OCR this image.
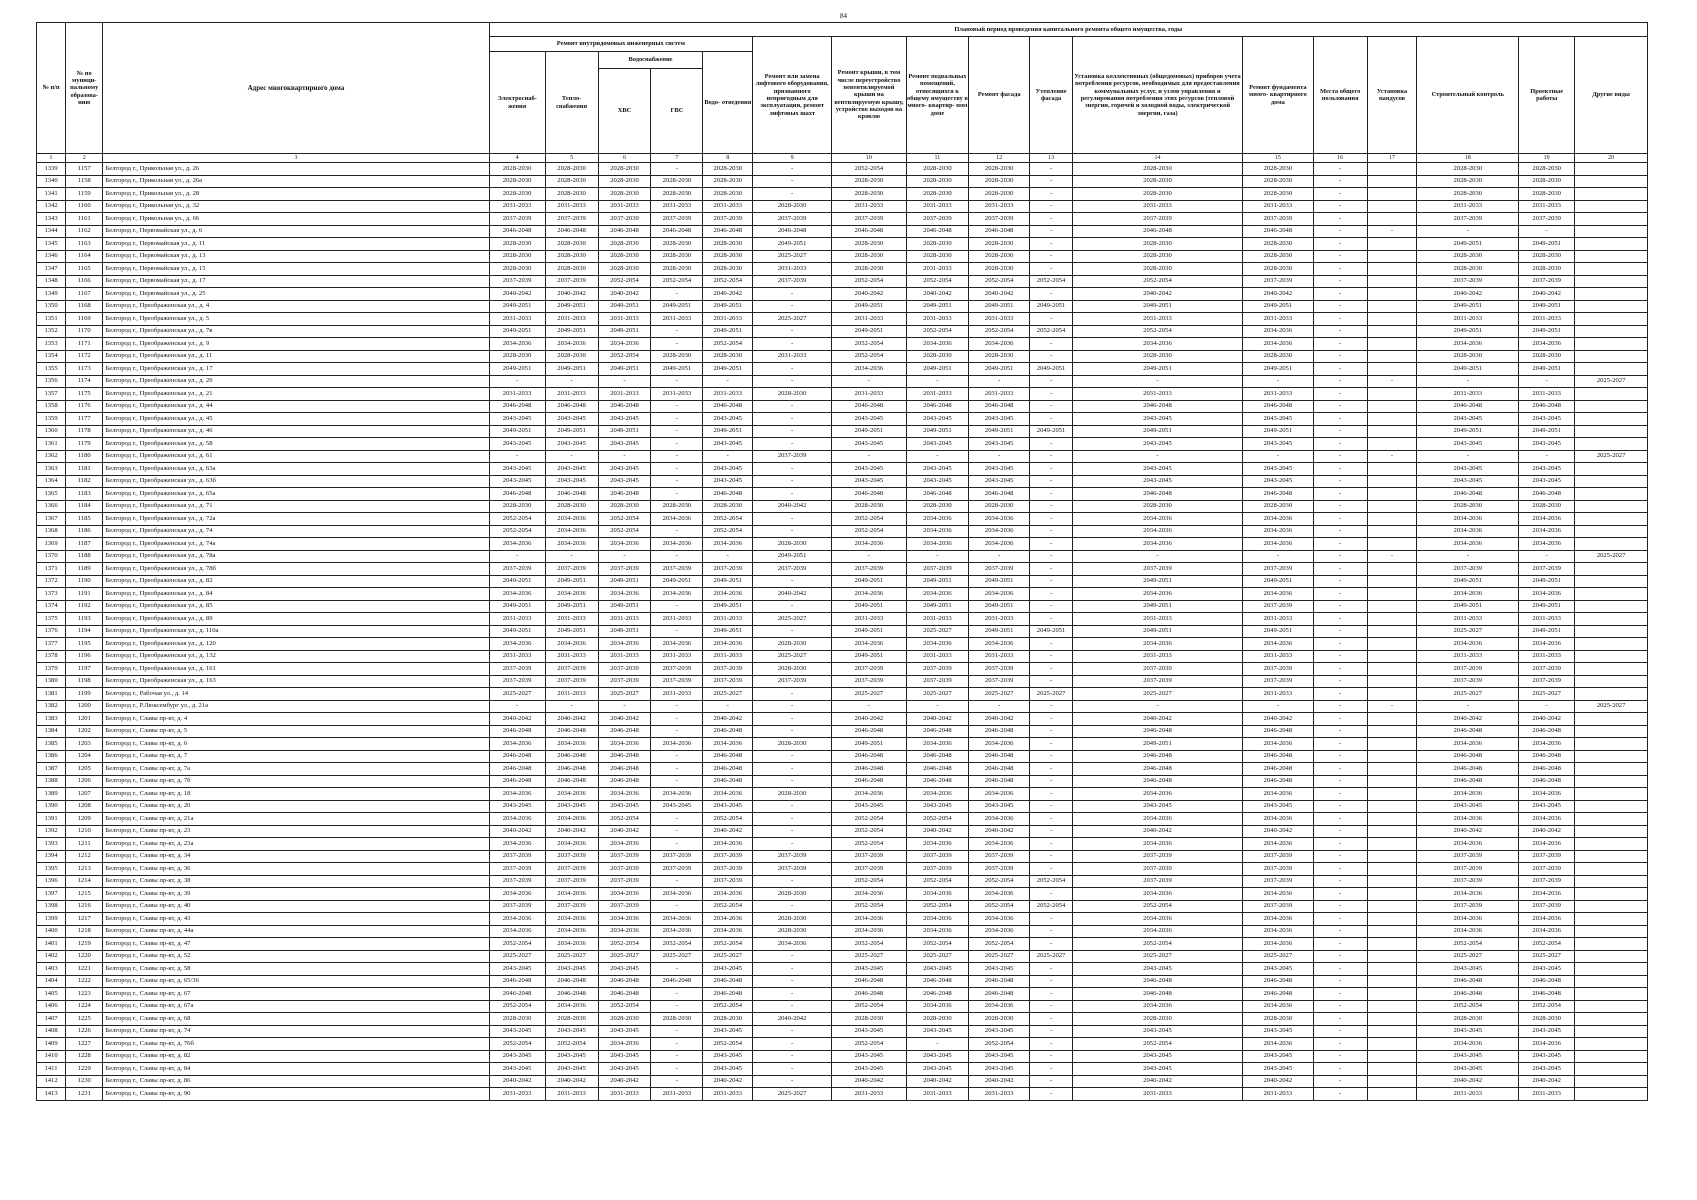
84
№ п/п	№ по муници- пальному образова- нию	Адрес многоквартирного дома	Плановый период проведения капитального ремонта общего имущества, годы																
			Ремонт внутридомовых инженерных систем					Ремонт или замена лифтового оборудования, признанного непригодным для эксплуатации, ремонт лифтовых шахт	Ремонт крыши, в том числе переустройство невентилируемой крыши на вентилируемую крышу, устройство выходов на кровлю	Ремонт подвальных помещений, относящихся к общему имуществу в много- квартир- ном доме	Ремонт фасада	Утепление фасада	Установка коллективных (общедомовых) приборов учета потребления ресурсов, необходимых для предоставления коммунальных услуг, и узлов управления и регулирования потребления этих ресурсов (тепловой энергии, горячей и холодной воды, электрической энергии, газа)	Ремонт фундамента много- квартирного дома	Места общего пользования	Установка пандусов	Строительный контроль	Проектные работы	Другие виды
			Электроснаб- жения	Тепло- снабжения	Водоснабжение		Водо- отведения												
					ХВС	ГВС													
1	2	3	4	5	6	7	8	9	10	11	12	13	14	15	16	17	18	19	20
1339	1157	Белгород г., Прикольная ул., д. 26	2028-2030	2028-2030	2028-2030	-	2028-2030	-	2052-2054	2028-2030	2028-2030	-	2028-2030	2028-2030	-		2028-2030	2028-2030	
1340	1158	Белгород г., Прикольная ул., д. 26а	2028-2030	2028-2030	2028-2030	2028-2030	2028-2030	-	2028-2030	2028-2030	2028-2030	-	2028-2030	2028-2030	-		2028-2030	2028-2030	
1341	1159	Белгород г., Прикольная ул., д. 28	2028-2030	2028-2030	2028-2030	2028-2030	2028-2030	-	2028-2030	2028-2030	2028-2030	-	2028-2030	2028-2030	-		2028-2030	2028-2030	
1342	1160	Белгород г., Прикольная ул., д. 32	2031-2033	2031-2033	2031-2033	2031-2033	2031-2033	2028-2030	2031-2033	2031-2033	2031-2033	-	2031-2033	2031-2033	-		2031-2033	2031-2033	
1343	1161	Белгород г., Прикольная ул., д. 66	2037-2039	2037-2039	2037-2039	2037-2039	2037-2039	2037-2039	2037-2039	2037-2039	2037-2039	-	2037-2039	2037-2039	-		2037-2039	2037-2039	
1344	1162	Белгород г., Первомайская ул., д. 6	2046-2048	2046-2048	2046-2048	2046-2048	2046-2048	2046-2048	2046-2048	2046-2048	2046-2048	-	2046-2048	2046-2048	-	-	-	-	
1345	1163	Белгород г., Первомайская ул., д. 11	2028-2030	2028-2030	2028-2030	2028-2030	2028-2030	2049-2051	2028-2030	2028-2030	2028-2030	-	2028-2030	2028-2030	-		2049-2051	2049-2051	
1346	1164	Белгород г., Первомайская ул., д. 13	2028-2030	2028-2030	2028-2030	2028-2030	2028-2030	2025-2027	2028-2030	2028-2030	2028-2030	-	2028-2030	2028-2030	-		2028-2030	2028-2030	
1347	1165	Белгород г., Первомайская ул., д. 15	2028-2030	2028-2030	2028-2030	2028-2030	2028-2030	2031-2033	2028-2030	2031-2033	2028-2030	-	2028-2030	2028-2030	-		2028-2030	2028-2030	
1348	1166	Белгород г., Первомайская ул., д. 17	2037-2039	2037-2039	2052-2054	2052-2054	2052-2054	2037-2039	2052-2054	2052-2054	2052-2054	2052-2054	2052-2054	2037-2039	-		2037-2039	2037-2039	
1349	1167	Белгород г., Первомайская ул., д. 25	2040-2042	2040-2042	2040-2042	-	2040-2042	-	2040-2042	2040-2042	2040-2042	-	2040-2042	2040-2042	-		2040-2042	2040-2042	
1350	1168	Белгород г., Преображенская ул., д. 4	2049-2051	2049-2051	2049-2051	2049-2051	2049-2051	-	2049-2051	2049-2051	2049-2051	2049-2051	2049-2051	2049-2051	-		2049-2051	2049-2051	
1351	1169	Белгород г., Преображенская ул., д. 5	2031-2033	2031-2033	2031-2033	2031-2033	2031-2033	2025-2027	2031-2033	2031-2033	2031-2033	-	2031-2033	2031-2033	-		2031-2033	2031-2033	
1352	1170	Белгород г., Преображенская ул., д. 7в	2049-2051	2049-2051	2049-2051	-	2049-2051	-	2049-2051	2052-2054	2052-2054	2052-2054	2052-2054	2034-2036	-		2049-2051	2049-2051	
1353	1171	Белгород г., Преображенская ул., д. 9	2034-2036	2034-2036	2034-2036	-	2052-2054	-	2052-2054	2034-2036	2034-2036	-	2034-2036	2034-2036	-		2034-2036	2034-2036	
1354	1172	Белгород г., Преображенская ул., д. 11	2028-2030	2028-2030	2052-2054	2028-2030	2028-2030	2031-2033	2052-2054	2028-2030	2028-2030	-	2028-2030	2028-2030	-		2028-2030	2028-2030	
1355	1173	Белгород г., Преображенская ул., д. 17	2049-2051	2049-2051	2049-2051	2049-2051	2049-2051	-	2034-2036	2049-2051	2049-2051	2049-2051	2049-2051	2049-2051	-		2049-2051	2049-2051	
1356	1174	Белгород г., Преображенская ул., д. 20	-	-	-	-	-	-	-	-	-	-	-	-	-	-	-	-	2025-2027
1357	1175	Белгород г., Преображенская ул., д. 21	2031-2033	2031-2033	2031-2033	2031-2033	2031-2033	2028-2030	2031-2033	2031-2033	2031-2033	-	2031-2033	2031-2033	-		2031-2033	2031-2033	
1358	1176	Белгород г., Преображенская ул., д. 44	2046-2048	2046-2048	2046-2048	-	2046-2048	-	2046-2048	2046-2048	2046-2048	-	2046-2048	2046-2048	-		2046-2048	2046-2048	
1359	1177	Белгород г., Преображенская ул., д. 45	2043-2045	2043-2045	2043-2045	-	2043-2045	-	2043-2045	2043-2045	2043-2045	-	2043-2045	2043-2045	-		2043-2045	2043-2045	
1360	1178	Белгород г., Преображенская ул., д. 46	2049-2051	2049-2051	2049-2051	-	2049-2051	-	2049-2051	2049-2051	2049-2051	2049-2051	2049-2051	2049-2051	-		2049-2051	2049-2051	
1361	1179	Белгород г., Преображенская ул., д. 58	2043-2045	2043-2045	2043-2045	-	2043-2045	-	2043-2045	2043-2045	2043-2045	-	2043-2045	2043-2045	-		2043-2045	2043-2045	
1362	1180	Белгород г., Преображенская ул., д. 61	-	-	-	-	-	2037-2039	-	-	-	-	-	-	-	-	-	-	2025-2027
1363	1181	Белгород г., Преображенская ул., д. 63а	2043-2045	2043-2045	2043-2045	-	2043-2045	-	2043-2045	2043-2045	2043-2045	-	2043-2045	2043-2045	-		2043-2045	2043-2045	
1364	1182	Белгород г., Преображенская ул., д. 63б	2043-2045	2043-2045	2043-2045	-	2043-2045	-	2043-2045	2043-2045	2043-2045	-	2043-2045	2043-2045	-		2043-2045	2043-2045	
1365	1183	Белгород г., Преображенская ул., д. 65а	2046-2048	2046-2048	2046-2048	-	2046-2048	-	2046-2048	2046-2048	2046-2048	-	2046-2048	2046-2048	-		2046-2048	2046-2048	
1366	1184	Белгород г., Преображенская ул., д. 71	2028-2030	2028-2030	2028-2030	2028-2030	2028-2030	2040-2042	2028-2030	2028-2030	2028-2030	-	2028-2030	2028-2030	-		2028-2030	2028-2030	
1367	1185	Белгород г., Преображенская ул., д. 72а	2052-2054	2034-2036	2052-2054	2034-2036	2052-2054	-	2052-2054	2034-2036	2034-2036	-	2034-2036	2034-2036	-		2034-2036	2034-2036	
1368	1186	Белгород г., Преображенская ул., д. 74	2052-2054	2034-2036	2052-2054	-	2052-2054	-	2052-2054	2034-2036	2034-2036	-	2034-2036	2034-2036	-		2034-2036	2034-2036	
1369	1187	Белгород г., Преображенская ул., д. 74а	2034-2036	2034-2036	2034-2036	2034-2036	2034-2036	2028-2030	2034-2036	2034-2036	2034-2036	-	2034-2036	2034-2036	-		2034-2036	2034-2036	
1370	1188	Белгород г., Преображенская ул., д. 78а	-	-	-	-	-	2049-2051	-	-	-	-	-	-	-	-	-	-	2025-2027
1371	1189	Белгород г., Преображенская ул., д. 78б	2037-2039	2037-2039	2037-2039	2037-2039	2037-2039	2037-2039	2037-2039	2037-2039	2037-2039	-	2037-2039	2037-2039	-		2037-2039	2037-2039	
1372	1190	Белгород г., Преображенская ул., д. 82	2049-2051	2049-2051	2049-2051	2049-2051	2049-2051	-	2049-2051	2049-2051	2049-2051	-	2049-2051	2049-2051	-		2049-2051	2049-2051	
1373	1191	Белгород г., Преображенская ул., д. 84	2034-2036	2034-2036	2034-2036	2034-2036	2034-2036	2040-2042	2034-2036	2034-2036	2034-2036	-	2034-2036	2034-2036	-		2034-2036	2034-2036	
1374	1192	Белгород г., Преображенская ул., д. 85	2049-2051	2049-2051	2049-2051	-	2049-2051	-	2049-2051	2049-2051	2049-2051	-	2049-2051	2037-2039	-		2049-2051	2049-2051	
1375	1193	Белгород г., Преображенская ул., д. 89	2031-2033	2031-2033	2031-2033	2031-2033	2031-2033	2025-2027	2031-2033	2031-2033	2031-2033	-	2031-2033	2031-2033	-		2031-2033	2031-2033	
1376	1194	Белгород г., Преображенская ул., д. 110а	2049-2051	2049-2051	2049-2051	-	2049-2051	-	2049-2051	2025-2027	2049-2051	2049-2051	2049-2051	2049-2051	-		2025-2027	2049-2051	
1377	1195	Белгород г., Преображенская ул., д. 120	2034-2036	2034-2036	2034-2036	2034-2036	2034-2036	2028-2030	2034-2036	2034-2036	2034-2036	-	2034-2036	2034-2036	-		2034-2036	2034-2036	
1378	1196	Белгород г., Преображенская ул., д. 132	2031-2033	2031-2033	2031-2033	2031-2033	2031-2033	2025-2027	2049-2051	2031-2033	2031-2033	-	2031-2033	2031-2033	-		2031-2033	2031-2033	
1379	1197	Белгород г., Преображенская ул., д. 161	2037-2039	2037-2039	2037-2039	2037-2039	2037-2039	2028-2030	2037-2039	2037-2039	2037-2039	-	2037-2039	2037-2039	-		2037-2039	2037-2039	
1380	1198	Белгород г., Преображенская ул., д. 163	2037-2039	2037-2039	2037-2039	2037-2039	2037-2039	2037-2039	2037-2039	2037-2039	2037-2039	-	2037-2039	2037-2039	-		2037-2039	2037-2039	
1381	1199	Белгород г., Рабочая ул., д. 14	2025-2027	2031-2033	2025-2027	2031-2033	2025-2027	-	2025-2027	2025-2027	2025-2027	2025-2027	2025-2027	2031-2033	-		2025-2027	2025-2027	
1382	1200	Белгород г., Р.Люксембург ул., д. 21а	-	-	-	-	-	-	-	-	-	-	-	-	-	-	-	-	2025-2027
1383	1201	Белгород г., Славы пр-кт, д. 4	2040-2042	2040-2042	2040-2042	-	2040-2042	-	2040-2042	2040-2042	2040-2042	-	2040-2042	2040-2042	-		2040-2042	2040-2042	
1384	1202	Белгород г., Славы пр-кт, д. 5	2046-2048	2046-2048	2046-2048	-	2046-2048	-	2046-2048	2046-2048	2046-2048	-	2046-2048	2046-2048	-		2046-2048	2046-2048	
1385	1203	Белгород г., Славы пр-кт, д. 6	2034-2036	2034-2036	2034-2036	2034-2036	2034-2036	2028-2030	2049-2051	2034-2036	2034-2036	-	2049-2051	2034-2036	-		2034-2036	2034-2036	
1386	1204	Белгород г., Славы пр-кт, д. 7	2046-2048	2046-2048	2046-2048	-	2046-2048	-	2046-2048	2046-2048	2046-2048	-	2046-2048	2046-2048	-		2046-2048	2046-2048	
1387	1205	Белгород г., Славы пр-кт, д. 7а	2046-2048	2046-2048	2046-2048	-	2046-2048	-	2046-2048	2046-2048	2046-2048	-	2046-2048	2046-2048	-		2046-2048	2046-2048	
1388	1206	Белгород г., Славы пр-кт, д. 7б	2046-2048	2046-2048	2046-2048	-	2046-2048	-	2046-2048	2046-2048	2046-2048	-	2046-2048	2046-2048	-		2046-2048	2046-2048	
1389	1207	Белгород г., Славы пр-кт, д. 18	2034-2036	2034-2036	2034-2036	2034-2036	2034-2036	2028-2030	2034-2036	2034-2036	2034-2036	-	2034-2036	2034-2036	-		2034-2036	2034-2036	
1390	1208	Белгород г., Славы пр-кт, д. 20	2043-2045	2043-2045	2043-2045	2043-2045	2043-2045	-	2043-2045	2043-2045	2043-2045	-	2043-2045	2043-2045	-		2043-2045	2043-2045	
1391	1209	Белгород г., Славы пр-кт, д. 21а	2034-2036	2034-2036	2052-2054	-	2052-2054	-	2052-2054	2052-2054	2034-2036	-	2034-2036	2034-2036	-		2034-2036	2034-2036	
1392	1210	Белгород г., Славы пр-кт, д. 23	2040-2042	2040-2042	2040-2042	-	2040-2042	-	2052-2054	2040-2042	2040-2042	-	2040-2042	2040-2042	-		2040-2042	2040-2042	
1393	1211	Белгород г., Славы пр-кт, д. 23а	2034-2036	2034-2036	2034-2036	-	2034-2036	-	2052-2054	2034-2036	2034-2036	-	2034-2036	2034-2036	-		2034-2036	2034-2036	
1394	1212	Белгород г., Славы пр-кт, д. 34	2037-2039	2037-2039	2037-2039	2037-2039	2037-2039	2037-2039	2037-2039	2037-2039	2037-2039	-	2037-2039	2037-2039	-		2037-2039	2037-2039	
1395	1213	Белгород г., Славы пр-кт, д. 36	2037-2039	2037-2039	2037-2039	2037-2039	2037-2039	2037-2039	2037-2039	2037-2039	2037-2039	-	2037-2039	2037-2039	-		2037-2039	2037-2039	
1396	1214	Белгород г., Славы пр-кт, д. 38	2037-2039	2037-2039	2037-2039	-	2037-2039	-	2052-2054	2052-2054	2052-2054	2052-2054	2037-2039	2037-2039	-		2037-2039	2037-2039	
1397	1215	Белгород г., Славы пр-кт, д. 39	2034-2036	2034-2036	2034-2036	2034-2036	2034-2036	2028-2030	2034-2036	2034-2036	2034-2036	-	2034-2036	2034-2036	-		2034-2036	2034-2036	
1398	1216	Белгород г., Славы пр-кт, д. 40	2037-2039	2037-2039	2037-2039	-	2052-2054	-	2052-2054	2052-2054	2052-2054	2052-2054	2052-2054	2037-2039	-		2037-2039	2037-2039	
1399	1217	Белгород г., Славы пр-кт, д. 43	2034-2036	2034-2036	2034-2036	2034-2036	2034-2036	2028-2030	2034-2036	2034-2036	2034-2036	-	2034-2036	2034-2036	-		2034-2036	2034-2036	
1400	1218	Белгород г., Славы пр-кт, д. 44а	2034-2036	2034-2036	2034-2036	2034-2036	2034-2036	2028-2030	2034-2036	2034-2036	2034-2036	-	2034-2036	2034-2036	-		2034-2036	2034-2036	
1401	1219	Белгород г., Славы пр-кт, д. 47	2052-2054	2034-2036	2052-2054	2052-2054	2052-2054	2034-2036	2052-2054	2052-2054	2052-2054	-	2052-2054	2034-2036	-		2052-2054	2052-2054	
1402	1220	Белгород г., Славы пр-кт, д. 52	2025-2027	2025-2027	2025-2027	2025-2027	2025-2027	-	2025-2027	2025-2027	2025-2027	2025-2027	2025-2027	2025-2027	-		2025-2027	2025-2027	
1403	1221	Белгород г., Славы пр-кт, д. 58	2043-2045	2043-2045	2043-2045	-	2043-2045	-	2043-2045	2043-2045	2043-2045	-	2043-2045	2043-2045	-		2043-2045	2043-2045	
1404	1222	Белгород г., Славы пр-кт, д. 65/36	2046-2048	2046-2048	2046-2048	2046-2048	2046-2048	-	2046-2048	2046-2048	2046-2048	-	2046-2048	2046-2048	-		2046-2048	2046-2048	
1405	1223	Белгород г., Славы пр-кт, д. 67	2046-2048	2046-2048	2046-2048	-	2046-2048	-	2046-2048	2046-2048	2046-2048	-	2046-2048	2046-2048	-		2046-2048	2046-2048	
1406	1224	Белгород г., Славы пр-кт, д. 67а	2052-2054	2034-2036	2052-2054	-	2052-2054	-	2052-2054	2034-2036	2034-2036	-	2034-2036	2034-2036	-		2052-2054	2052-2054	
1407	1225	Белгород г., Славы пр-кт, д. 68	2028-2030	2028-2030	2028-2030	2028-2030	2028-2030	2040-2042	2028-2030	2028-2030	2028-2030	-	2028-2030	2028-2030	-		2028-2030	2028-2030	
1408	1226	Белгород г., Славы пр-кт, д. 74	2043-2045	2043-2045	2043-2045	-	2043-2045	-	2043-2045	2043-2045	2043-2045	-	2043-2045	2043-2045	-		2043-2045	2043-2045	
1409	1227	Белгород г., Славы пр-кт, д. 76б	2052-2054	2052-2054	2034-2036	-	2052-2054	-	2052-2054	-	2052-2054	-	2052-2054	2034-2036	-		2034-2036	2034-2036	
1410	1228	Белгород г., Славы пр-кт, д. 82	2043-2045	2043-2045	2043-2045	-	2043-2045	-	2043-2045	2043-2045	2043-2045	-	2043-2045	2043-2045	-		2043-2045	2043-2045	
1411	1229	Белгород г., Славы пр-кт, д. 84	2043-2045	2043-2045	2043-2045	-	2043-2045	-	2043-2045	2043-2045	2043-2045	-	2043-2045	2043-2045	-		2043-2045	2043-2045	
1412	1230	Белгород г., Славы пр-кт, д. 86	2040-2042	2040-2042	2040-2042	-	2040-2042	-	2040-2042	2040-2042	2040-2042	-	2040-2042	2040-2042	-		2040-2042	2040-2042	
1413	1231	Белгород г., Славы пр-кт, д. 90	2031-2033	2031-2033	2031-2033	2031-2033	2031-2033	2025-2027	2031-2033	2031-2033	2031-2033	-	2031-2033	2031-2033	-		2031-2033	2031-2033	
